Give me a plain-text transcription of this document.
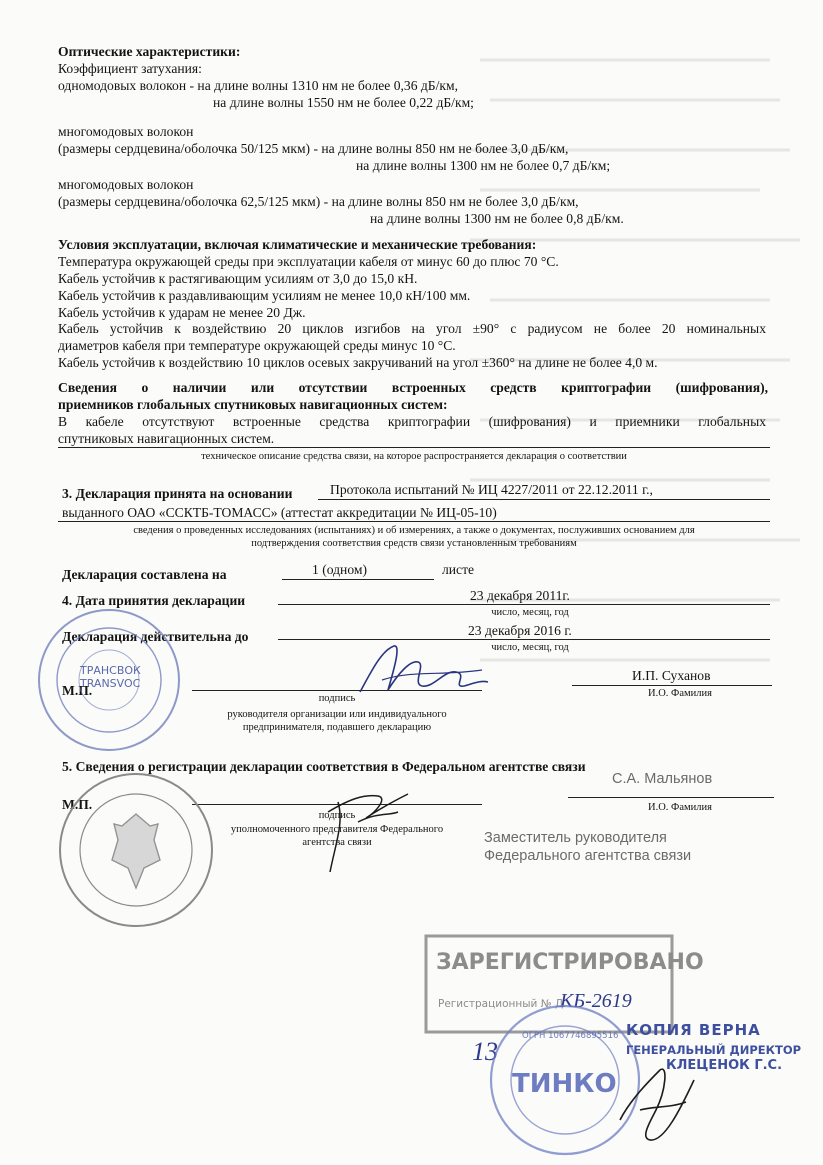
Оптические характеристики:
Коэффициент затухания:
одномодовых волокон - на длине волны 1310 нм не более 0,36 дБ/км,
на длине волны 1550 нм не более 0,22 дБ/км;
многомодовых волокон
(размеры сердцевина/оболочка 50/125 мкм) - на длине волны 850 нм не более 3,0 дБ/км,
на длине волны 1300 нм не более 0,7 дБ/км;
многомодовых волокон
(размеры сердцевина/оболочка 62,5/125 мкм) - на длине волны 850 нм не более 3,0 дБ/км,
на длине волны 1300 нм не более 0,8 дБ/км.
Условия эксплуатации, включая климатические и механические требования:
Температура окружающей среды при эксплуатации кабеля от минус 60 до плюс 70 °С.
Кабель устойчив к растягивающим усилиям от 3,0 до 15,0 кН.
Кабель устойчив к раздавливающим усилиям не менее 10,0 кН/100 мм.
Кабель устойчив к ударам не менее 20 Дж.
Кабель устойчив к воздействию 20 циклов изгибов на угол ±90° с радиусом не более 20 номинальных
диаметров кабеля при температуре окружающей среды минус 10 °С.
Кабель устойчив к воздействию 10 циклов осевых закручиваний на угол ±360° на длине не более 4,0 м.
Сведения о наличии или отсутствии встроенных средств криптографии (шифрования),
приемников глобальных спутниковых навигационных систем:
В кабеле отсутствуют встроенные средства криптографии (шифрования) и приемники глобальных
спутниковых навигационных систем.
техническое описание средства связи, на которое распространяется декларация о соответствии
3. Декларация принята на основании	Протокола испытаний № ИЦ 4227/2011 от 22.12.2011 г.,
выданного ОАО «ССКТБ-ТОМАСС» (аттестат аккредитации № ИЦ-05-10)
сведения о проведенных исследованиях (испытаниях) и об измерениях, а также о документах, послуживших основанием для
подтверждения соответствия средств связи установленным требованиям
Декларация составлена на	1 (одном)	листе
4. Дата принятия декларации	23 декабря 2011г.
число, месяц, год
Декларация действительна до	23 декабря 2016 г.
число, месяц, год
М.П.
подпись
руководителя организации или индивидуального
предпринимателя, подавшего декларацию
И.П. Суханов
И.О. Фамилия
5. Сведения о регистрации декларации соответствия в Федеральном агентстве связи
М.П.
подпись
уполномоченного представителя Федерального
агентства связи
С.А. Мальянов
И.О. Фамилия
Заместитель руководителя
Федерального агентства связи
ТРАНСВОК
TRANSVOC
ЗАРЕГИСТРИРОВАНО
Регистрационный № Д
КБ-2619
13
ТИНКО
ОГРН 1067746895516 КОПИЯ ВЕРНА
ГЕНЕРАЛЬНЫЙ ДИРЕКТОР
КЛЕЦЕНОК Г.С.
